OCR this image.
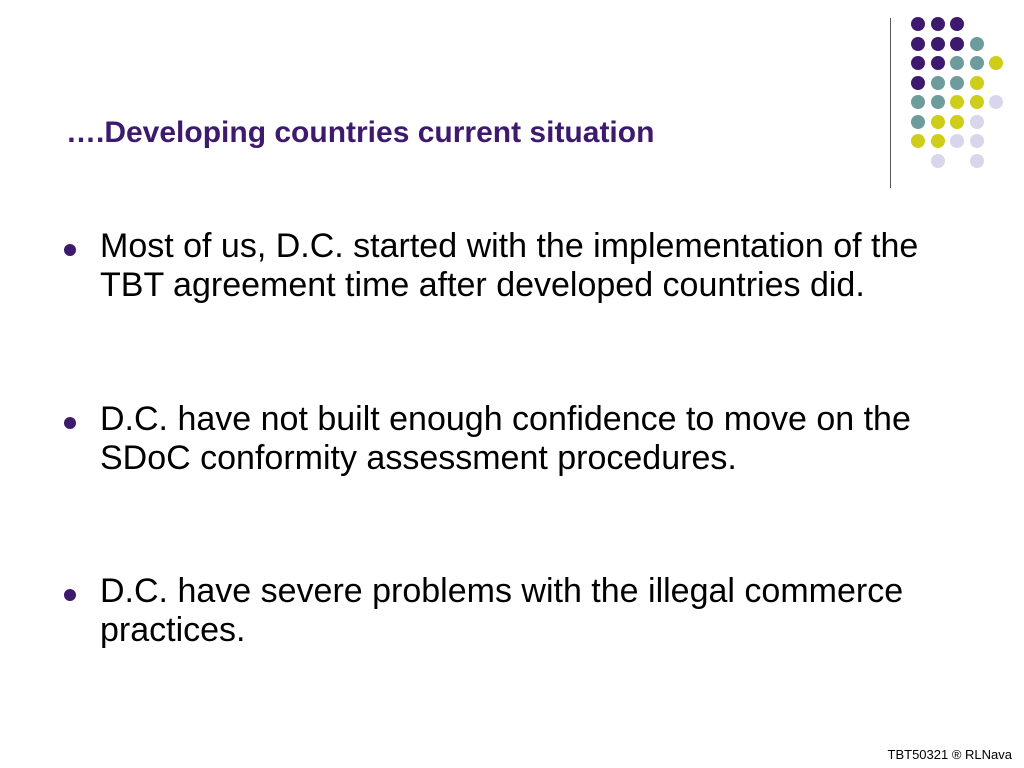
….Developing countries current situation
Most of us, D.C. started with the implementation of the TBT agreement time after developed countries did.
D.C. have not built enough confidence to move on the SDoC conformity assessment procedures.
D.C. have severe problems with the illegal commerce practices.
TBT50321 ® RLNava
